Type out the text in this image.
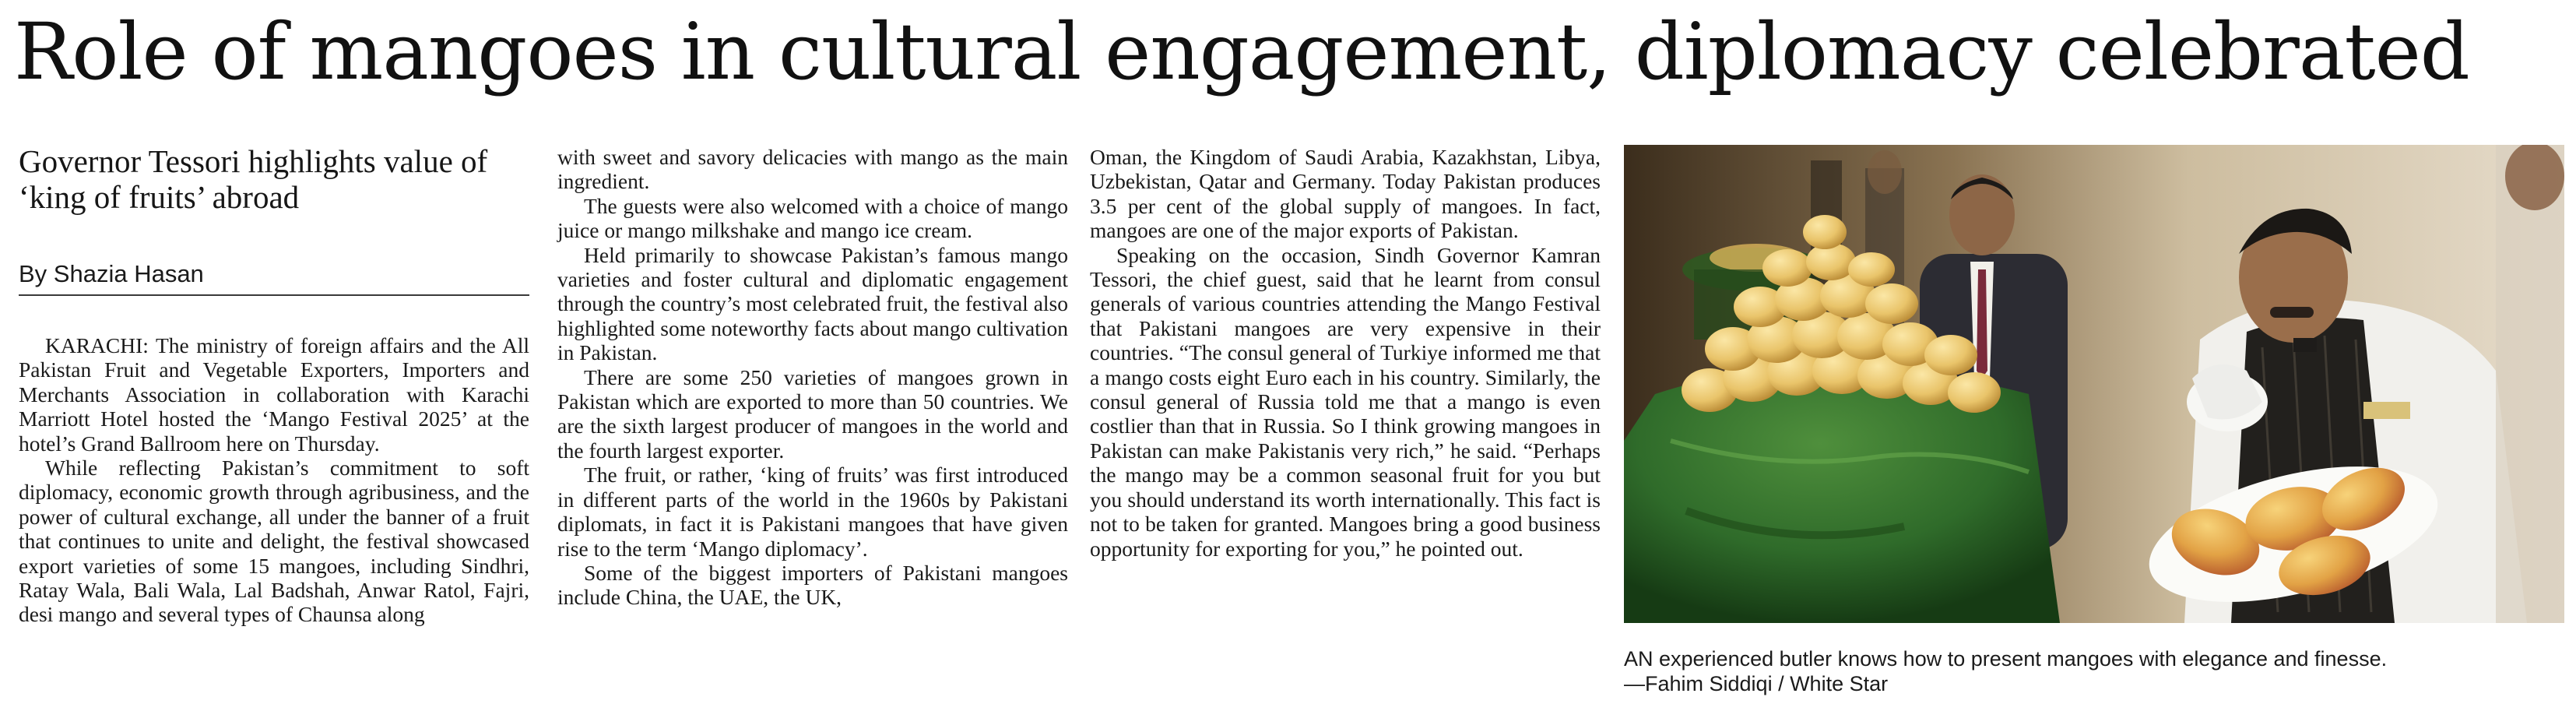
Role of mangoes in cultural engagement, diplomacy celebrated
Governor Tessori highlights value of ‘king of fruits’ abroad
By Shazia Hasan

KARACHI: The ministry of foreign affairs and the All Pakistan Fruit and Vegetable Exporters, Importers and Merchants Association in collaboration with Karachi Marriott Hotel hosted the ‘Mango Festival 2025’ at the hotel’s Grand Ballroom here on Thursday.

While reflecting Pakistan’s commitment to soft diplomacy, economic growth through agribusiness, and the power of cultural exchange, all under the banner of a fruit that continues to unite and delight, the festival showcased export varieties of some 15 mangoes, including Sindhri, Ratay Wala, Bali Wala, Lal Badshah, Anwar Ratol, Fajri, desi mango and several types of Chaunsa along

with sweet and savory delicacies with mango as the main ingredient.

The guests were also welcomed with a choice of mango juice or mango milkshake and mango ice cream.

Held primarily to showcase Pakistan’s famous mango varieties and foster cultural and diplomatic engagement through the country’s most celebrated fruit, the festival also highlighted some noteworthy facts about mango cultivation in Pakistan.

There are some 250 varieties of mangoes grown in Pakistan which are exported to more than 50 countries. We are the sixth largest producer of mangoes in the world and the fourth largest exporter.

The fruit, or rather, ‘king of fruits’ was first introduced in different parts of the world in the 1960s by Pakistani diplomats, in fact it is Pakistani mangoes that have given rise to the term ‘Mango diplomacy’.

Some of the biggest importers of Pakistani mangoes include China, the UAE, the UK,

Oman, the Kingdom of Saudi Arabia, Kazakhstan, Libya, Uzbekistan, Qatar and Germany. Today Pakistan produces 3.5 per cent of the global supply of mangoes. In fact, mangoes are one of the major exports of Pakistan.

Speaking on the occasion, Sindh Governor Kamran Tessori, the chief guest, said that he learnt from consul generals of various countries attending the Mango Festival that Pakistani mangoes are very expensive in their countries. “The consul general of Turkiye informed me that a mango costs eight Euro each in his country. Similarly, the consul general of Russia told me that a mango is even costlier than that in Russia. So I think growing mangoes in Pakistan can make Pakistanis very rich,” he said. “Perhaps the mango may be a common seasonal fruit for you but you should understand its worth internationally. This fact is not to be taken for granted. Mangoes bring a good business opportunity for exporting for you,” he pointed out.

AN experienced butler knows how to present mangoes with elegance and finesse.
—Fahim Siddiqi / White Star
